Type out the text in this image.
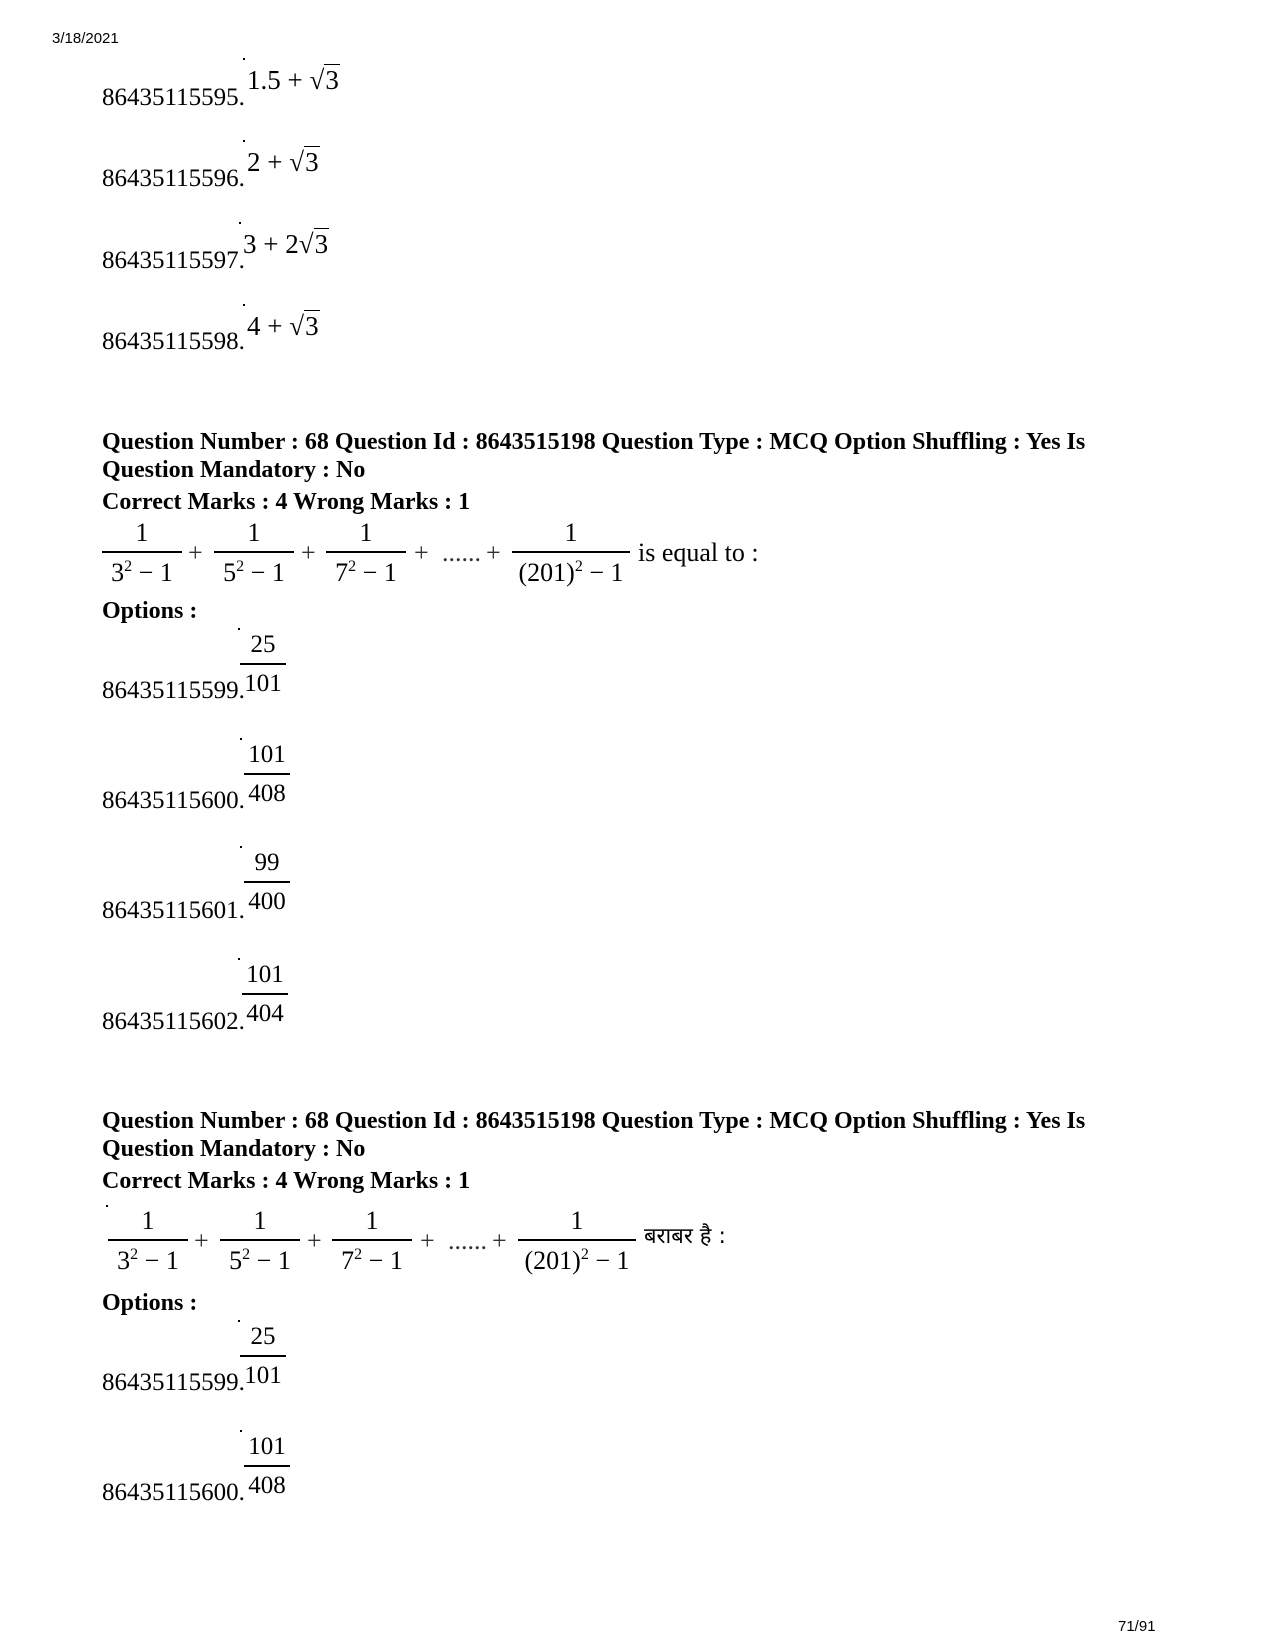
3/18/2021
71/91
86435115595.
1.5 + √3
86435115596.
2 + √3
86435115597.
3 + 2√3
86435115598.
4 + √3
Question Number : 68 Question Id : 8643515198 Question Type : MCQ Option Shuffling : Yes Is Question Mandatory : No
Correct Marks : 4 Wrong Marks : 1
1
$3^2 - 1$
+
1
$5^2 - 1$
+
1
$7^2 - 1$
+ ...... +
1
$(201)^2 - 1$
is equal to :
Options :
86435115599.
25
101
86435115600.
101
408
86435115601.
99
400
86435115602.
101
404
Question Number : 68 Question Id : 8643515198 Question Type : MCQ Option Shuffling : Yes Is Question Mandatory : No
Correct Marks : 4 Wrong Marks : 1
1
$3^2 - 1$
+
1
$5^2 - 1$
+
1
$7^2 - 1$
+ ...... +
1
$(201)^2 - 1$
बराबर है :
Options :
86435115599.
25
101
86435115600.
101
408
